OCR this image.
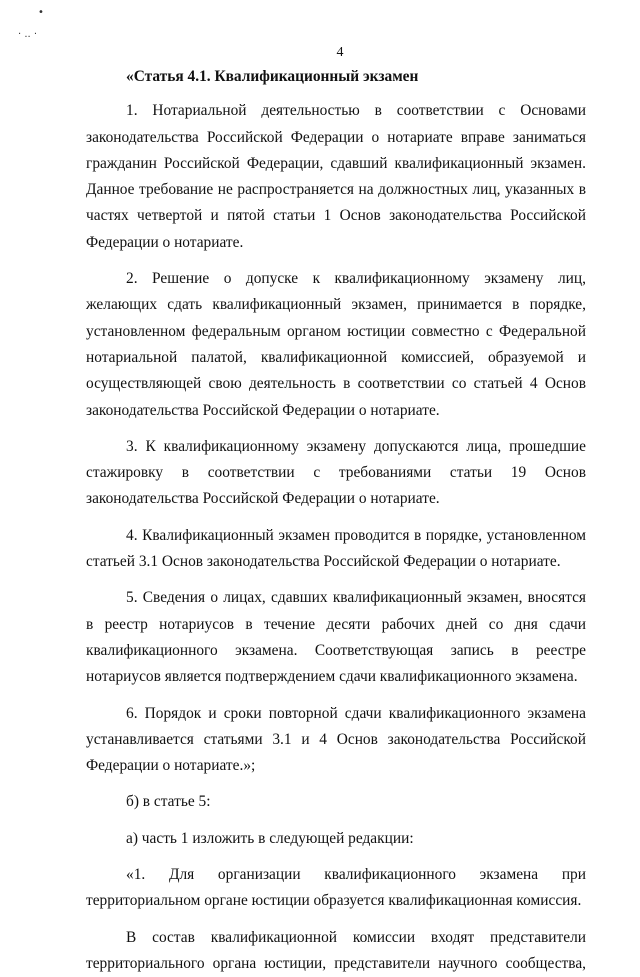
•
· .. ·
4

«Статья 4.1. Квалификационный экзамен

1. Нотариальной деятельностью в соответствии с Основами законодательства Российской Федерации о нотариате вправе заниматься гражданин Российской Федерации, сдавший квалификационный экзамен. Данное требование не распространяется на должностных лиц, указанных в частях четвертой и пятой статьи 1 Основ законодательства Российской Федерации о нотариате.

2. Решение о допуске к квалификационному экзамену лиц, желающих сдать квалификационный экзамен, принимается в порядке, установленном федеральным органом юстиции совместно с Федеральной нотариальной палатой, квалификационной комиссией, образуемой и осуществляющей свою деятельность в соответствии со статьей 4 Основ законодательства Российской Федерации о нотариате.

3. К квалификационному экзамену допускаются лица, прошедшие стажировку в соответствии с требованиями статьи 19 Основ законодательства Российской Федерации о нотариате.

4. Квалификационный экзамен проводится в порядке, установленном статьей 3.1 Основ законодательства Российской Федерации о нотариате.

5. Сведения о лицах, сдавших квалификационный экзамен, вносятся в реестр нотариусов в течение десяти рабочих дней со дня сдачи квалификационного экзамена. Соответствующая запись в реестре нотариусов является подтверждением сдачи квалификационного экзамена.

6. Порядок и сроки повторной сдачи квалификационного экзамена устанавливается статьями 3.1 и 4 Основ законодательства Российской Федерации о нотариате.»;

б) в статье 5:

а) часть 1 изложить в следующей редакции:

«1. Для организации квалификационного экзамена при территориальном органе юстиции образуется квалификационная комиссия.

В состав квалификационной комиссии входят представители территориального органа юстиции, представители научного сообщества,
